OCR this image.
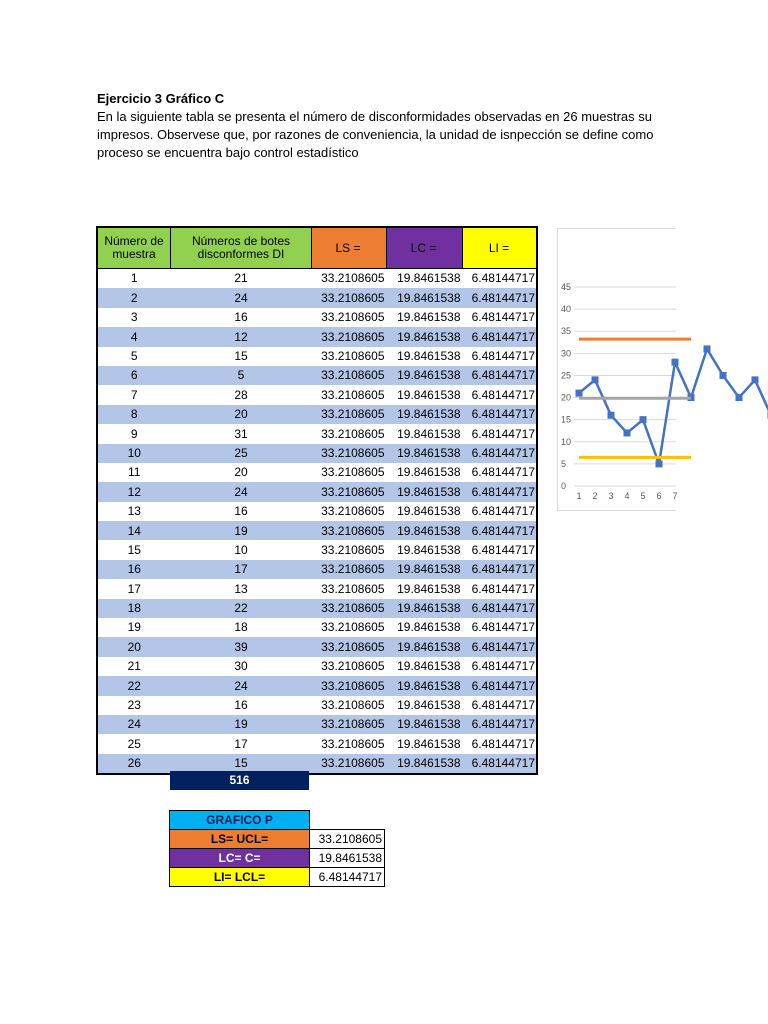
Ejercicio 3 Gráfico C
En la siguiente tabla se presenta el número de disconformidades observadas en 26 muestras su
impresos. Observese que, por razones de conveniencia, la unidad de isnpección se define como
proceso se encuentra bajo control estadístico
Número de muestra	Números de botes disconformes DI	LS =	LC =	LI =
1	21	33.2108605	19.8461538	6.48144717
2	24	33.2108605	19.8461538	6.48144717
3	16	33.2108605	19.8461538	6.48144717
4	12	33.2108605	19.8461538	6.48144717
5	15	33.2108605	19.8461538	6.48144717
6	5	33.2108605	19.8461538	6.48144717
7	28	33.2108605	19.8461538	6.48144717
8	20	33.2108605	19.8461538	6.48144717
9	31	33.2108605	19.8461538	6.48144717
10	25	33.2108605	19.8461538	6.48144717
11	20	33.2108605	19.8461538	6.48144717
12	24	33.2108605	19.8461538	6.48144717
13	16	33.2108605	19.8461538	6.48144717
14	19	33.2108605	19.8461538	6.48144717
15	10	33.2108605	19.8461538	6.48144717
16	17	33.2108605	19.8461538	6.48144717
17	13	33.2108605	19.8461538	6.48144717
18	22	33.2108605	19.8461538	6.48144717
19	18	33.2108605	19.8461538	6.48144717
20	39	33.2108605	19.8461538	6.48144717
21	30	33.2108605	19.8461538	6.48144717
22	24	33.2108605	19.8461538	6.48144717
23	16	33.2108605	19.8461538	6.48144717
24	19	33.2108605	19.8461538	6.48144717
25	17	33.2108605	19.8461538	6.48144717
26	15	33.2108605	19.8461538	6.48144717
516
GRAFICO P	
LS= UCL=	33.2108605
LC= C=	19.8461538
LI= LCL=	6.48144717
0
5
10
15
20
25
30
35
40
45
1 2 3 4 5 6 7
